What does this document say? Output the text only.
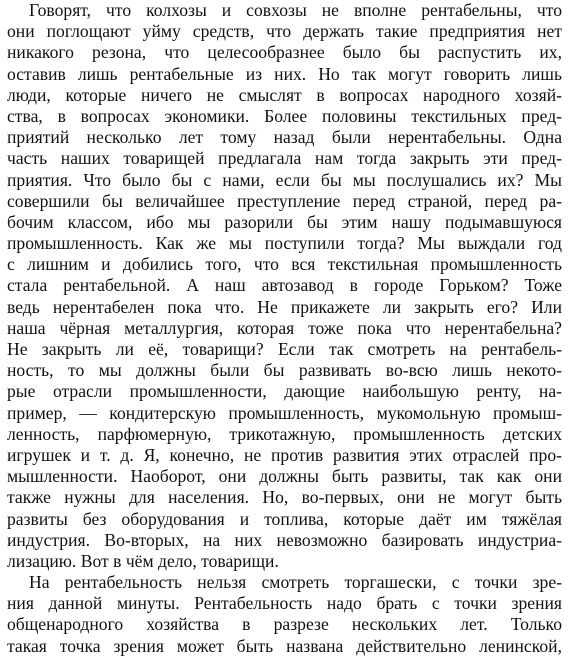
Говорят, что колхозы и совхозы не вполне рентабельны, что
они поглощают уйму средств, что держать такие предприятия нет
никакого резона, что целесообразнее было бы распустить их,
оставив лишь рентабельные из них. Но так могут говорить лишь
люди, которые ничего не смыслят в вопросах народного хозяй-
ства, в вопросах экономики. Более половины текстильных пред-
приятий несколько лет тому назад были нерентабельны. Одна
часть наших товарищей предлагала нам тогда закрыть эти пред-
приятия. Что было бы с нами, если бы мы послушались их? Мы
совершили бы величайшее преступление перед страной, перед ра-
бочим классом, ибо мы разорили бы этим нашу подымавшуюся
промышленность. Как же мы поступили тогда? Мы выждали год
с лишним и добились того, что вся текстильная промышленность
стала рентабельной. А наш автозавод в городе Горьком? Тоже
ведь нерентабелен пока что. Не прикажете ли закрыть его? Или
наша чёрная металлургия, которая тоже пока что нерентабельна?
Не закрыть ли её, товарищи? Если так смотреть на рентабель-
ность, то мы должны были бы развивать во-всю лишь некото-
рые отрасли промышленности, дающие наибольшую ренту, на-
пример, — кондитерскую промышленность, мукомольную промыш-
ленность, парфюмерную, трикотажную, промышленность детских
игрушек и т. д. Я, конечно, не против развития этих отраслей про-
мышленности. Наоборот, они должны быть развиты, так как они
также нужны для населения. Но, во-первых, они не могут быть
развиты без оборудования и топлива, которые даёт им тяжёлая
индустрия. Во-вторых, на них невозможно базировать индустриа-
лизацию. Вот в чём дело, товарищи.
На рентабельность нельзя смотреть торгашески, с точки зре-
ния данной минуты. Рентабельность надо брать с точки зрения
общенародного хозяйства в разрезе нескольких лет. Только
такая точка зрения может быть названа действительно ленинской,
